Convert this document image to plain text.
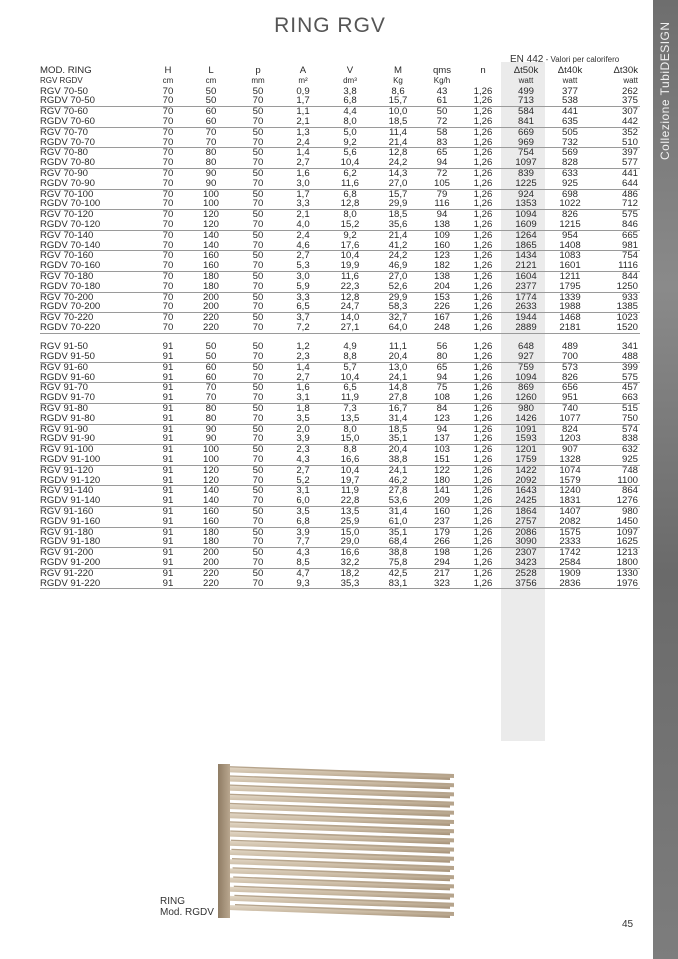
RING RGV	Collezione TubiDESIGN
EN 442 - Valori per calorifero
MOD. RING	H	L	p	A	V	M	qms	n	Δt50k	Δt40k	Δt30k
RGV RGDV	cm	cm	mm	m²	dm³	Kg	Kg/h		watt	watt	watt
RGV 70-50	70	50	50	0,9	3,8	8,6	43	1,26	499	377	262
RGDV 70-50	70	50	70	1,7	6,8	15,7	61	1,26	713	538	375
RGV 70-60	70	60	50	1,1	4,4	10,0	50	1,26	584	441	307
RGDV 70-60	70	60	70	2,1	8,0	18,5	72	1,26	841	635	442
RGV 70-70	70	70	50	1,3	5,0	11,4	58	1,26	669	505	352
RGDV 70-70	70	70	70	2,4	9,2	21,4	83	1,26	969	732	510
RGV 70-80	70	80	50	1,4	5,6	12,8	65	1,26	754	569	397
RGDV 70-80	70	80	70	2,7	10,4	24,2	94	1,26	1097	828	577
RGV 70-90	70	90	50	1,6	6,2	14,3	72	1,26	839	633	441
RGDV 70-90	70	90	70	3,0	11,6	27,0	105	1,26	1225	925	644
RGV 70-100	70	100	50	1,7	6,8	15,7	79	1,26	924	698	486
RGDV 70-100	70	100	70	3,3	12,8	29,9	116	1,26	1353	1022	712
RGV 70-120	70	120	50	2,1	8,0	18,5	94	1,26	1094	826	575
RGDV 70-120	70	120	70	4,0	15,2	35,6	138	1,26	1609	1215	846
RGV 70-140	70	140	50	2,4	9,2	21,4	109	1,26	1264	954	665
RGDV 70-140	70	140	70	4,6	17,6	41,2	160	1,26	1865	1408	981
RGV 70-160	70	160	50	2,7	10,4	24,2	123	1,26	1434	1083	754
RGDV 70-160	70	160	70	5,3	19,9	46,9	182	1,26	2121	1601	1116
RGV 70-180	70	180	50	3,0	11,6	27,0	138	1,26	1604	1211	844
RGDV 70-180	70	180	70	5,9	22,3	52,6	204	1,26	2377	1795	1250
RGV 70-200	70	200	50	3,3	12,8	29,9	153	1,26	1774	1339	933
RGDV 70-200	70	200	70	6,5	24,7	58,3	226	1,26	2633	1988	1385
RGV 70-220	70	220	50	3,7	14,0	32,7	167	1,26	1944	1468	1023
RGDV 70-220	70	220	70	7,2	27,1	64,0	248	1,26	2889	2181	1520

RGV 91-50	91	50	50	1,2	4,9	11,1	56	1,26	648	489	341
RGDV 91-50	91	50	70	2,3	8,8	20,4	80	1,26	927	700	488
RGV 91-60	91	60	50	1,4	5,7	13,0	65	1,26	759	573	399
RGDV 91-60	91	60	70	2,7	10,4	24,1	94	1,26	1094	826	575
RGV 91-70	91	70	50	1,6	6,5	14,8	75	1,26	869	656	457
RGDV 91-70	91	70	70	3,1	11,9	27,8	108	1,26	1260	951	663
RGV 91-80	91	80	50	1,8	7,3	16,7	84	1,26	980	740	515
RGDV 91-80	91	80	70	3,5	13,5	31,4	123	1,26	1426	1077	750
RGV 91-90	91	90	50	2,0	8,0	18,5	94	1,26	1091	824	574
RGDV 91-90	91	90	70	3,9	15,0	35,1	137	1,26	1593	1203	838
RGV 91-100	91	100	50	2,3	8,8	20,4	103	1,26	1201	907	632
RGDV 91-100	91	100	70	4,3	16,6	38,8	151	1,26	1759	1328	925
RGV 91-120	91	120	50	2,7	10,4	24,1	122	1,26	1422	1074	748
RGDV 91-120	91	120	70	5,2	19,7	46,2	180	1,26	2092	1579	1100
RGV 91-140	91	140	50	3,1	11,9	27,8	141	1,26	1643	1240	864
RGDV 91-140	91	140	70	6,0	22,8	53,6	209	1,26	2425	1831	1276
RGV 91-160	91	160	50	3,5	13,5	31,4	160	1,26	1864	1407	980
RGDV 91-160	91	160	70	6,8	25,9	61,0	237	1,26	2757	2082	1450
RGV 91-180	91	180	50	3,9	15,0	35,1	179	1,26	2086	1575	1097
RGDV 91-180	91	180	70	7,7	29,0	68,4	266	1,26	3090	2333	1625
RGV 91-200	91	200	50	4,3	16,6	38,8	198	1,26	2307	1742	1213
RGDV 91-200	91	200	70	8,5	32,2	75,8	294	1,26	3423	2584	1800
RGV 91-220	91	220	50	4,7	18,2	42,5	217	1,26	2528	1909	1330
RGDV 91-220	91	220	70	9,3	35,3	83,1	323	1,26	3756	2836	1976
RING
Mod. RGDV
45
